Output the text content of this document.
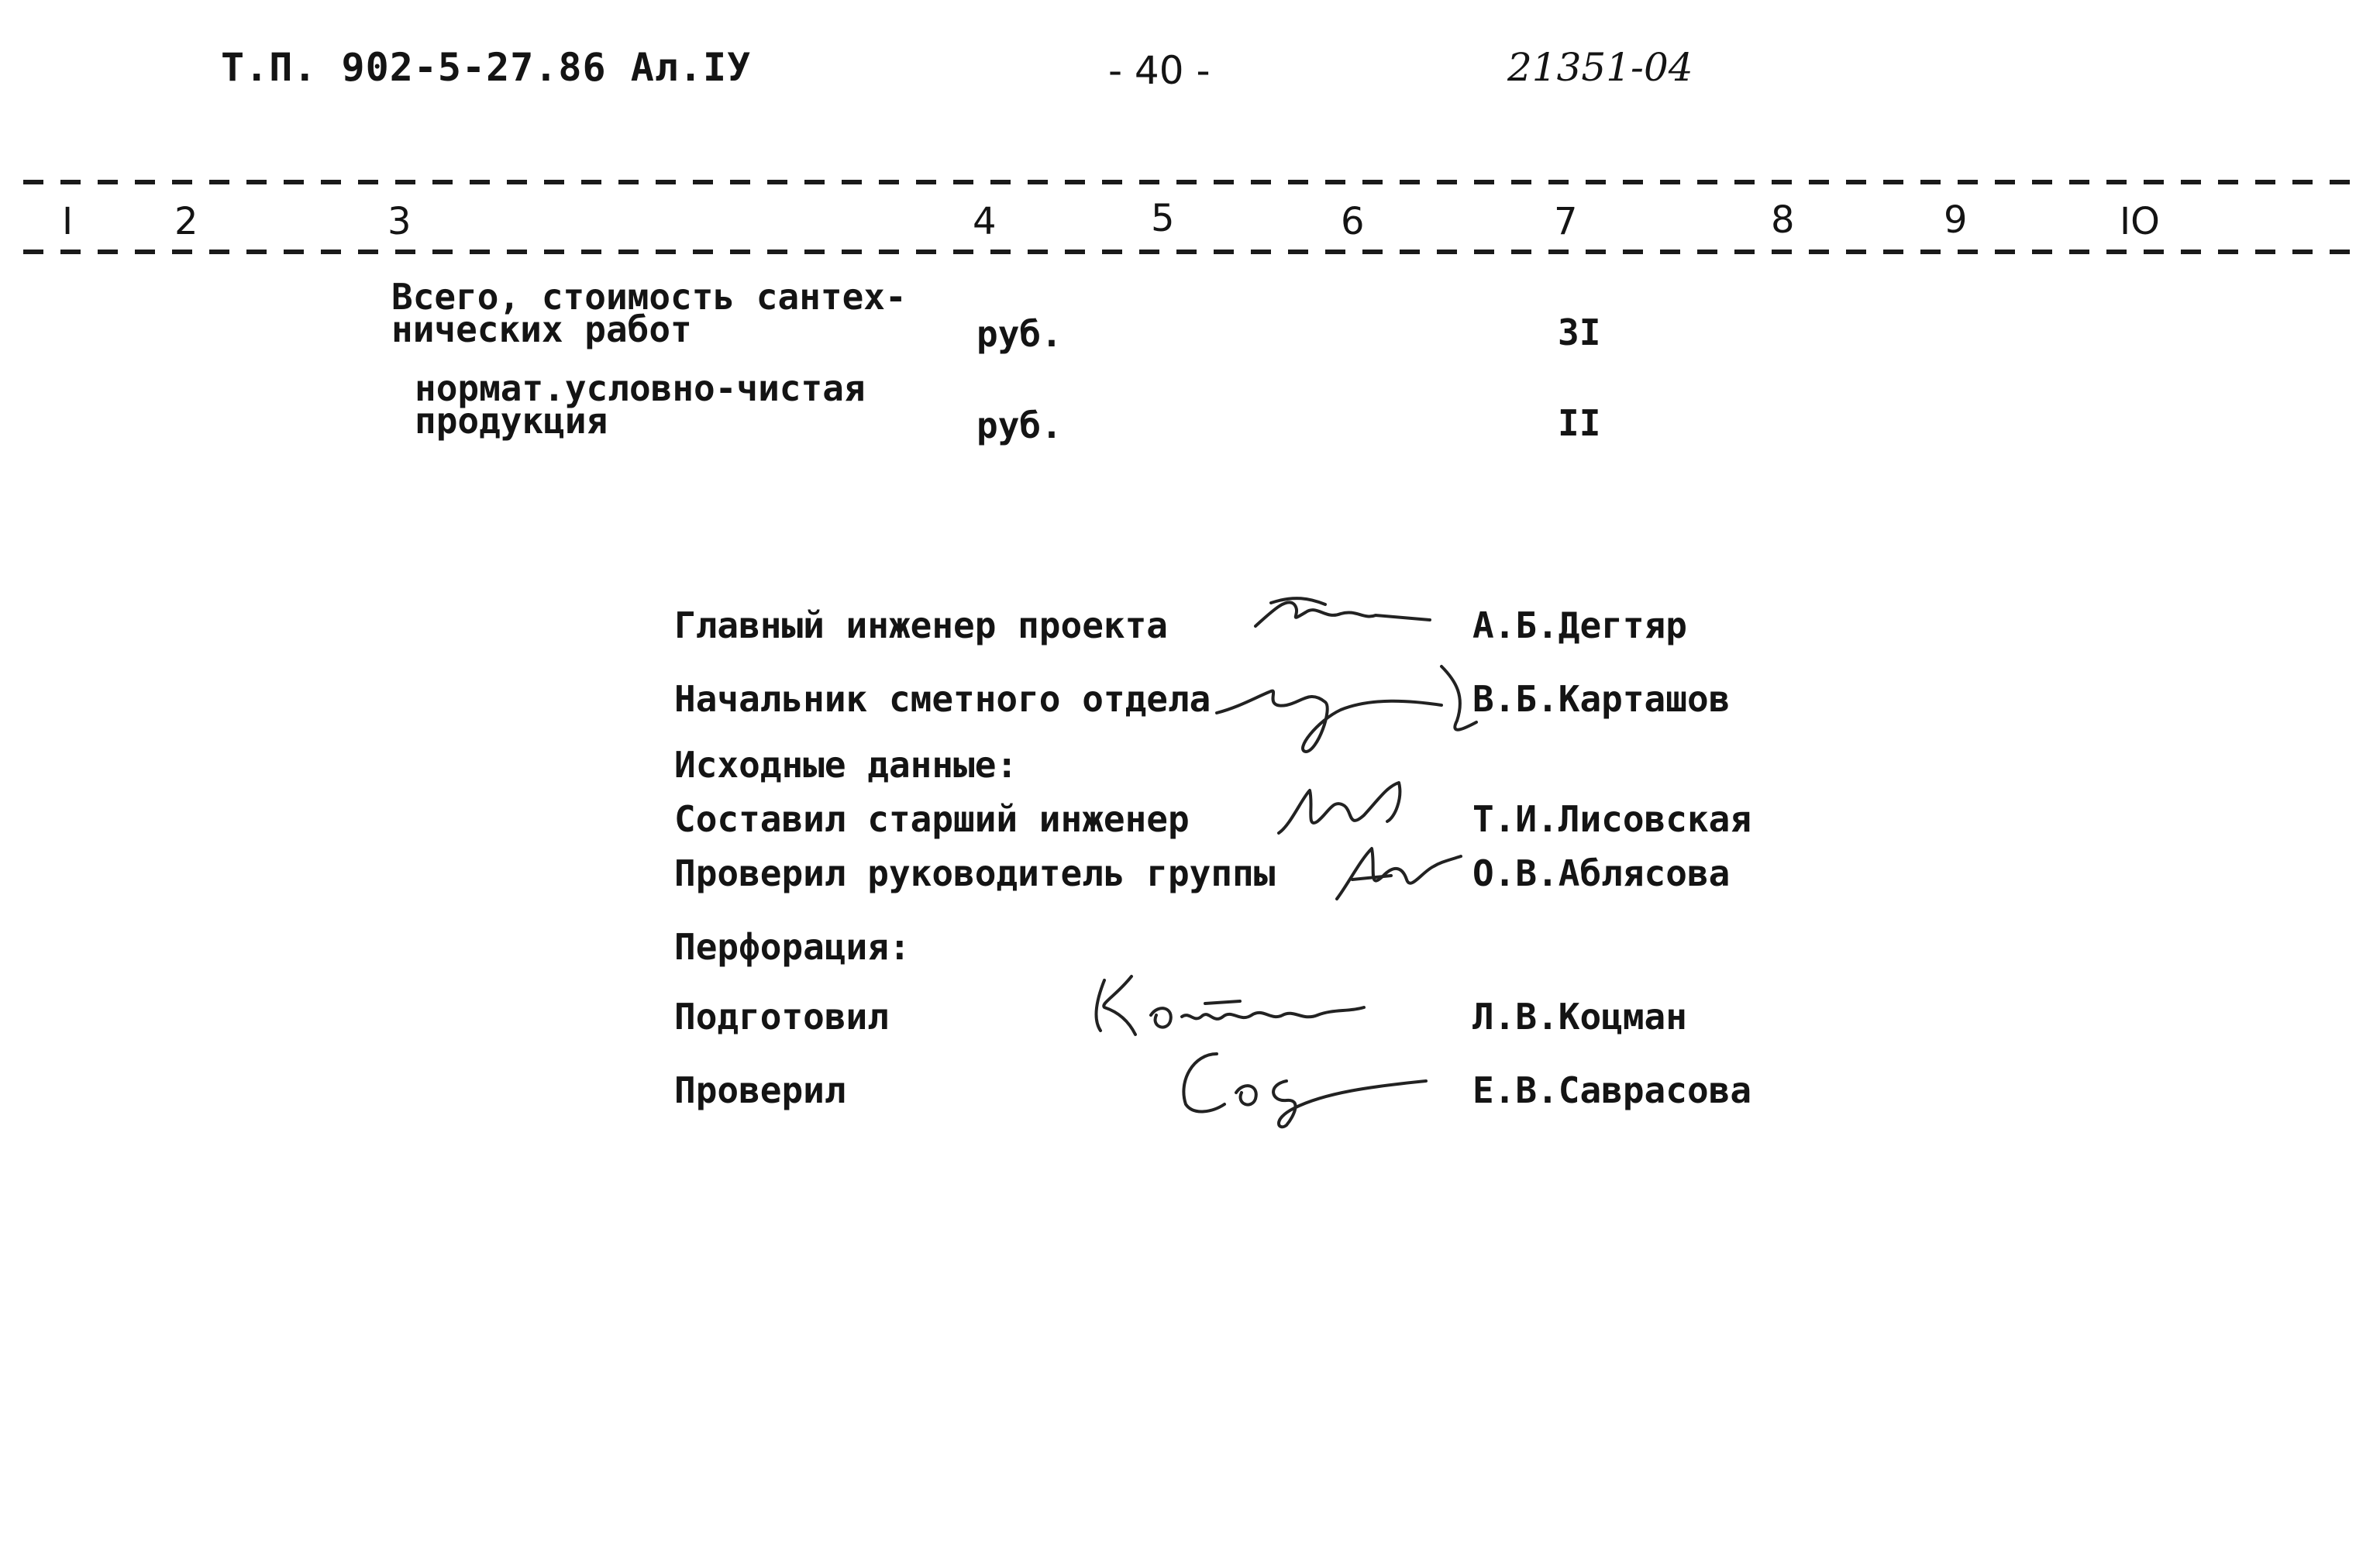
Т.П. 902-5-27.86 Ал.IУ	- 40 -	21351-04
I	2	3	4	5	6	7	8	9	IO
Всего, стоимость сантех-
нических работ	руб.	3I
нормат.условно-чистая
продукция	руб.	II
Главный инженер проекта	А.Б.Дегтяр
Начальник сметного отдела	В.Б.Карташов
Исходные данные:
Составил старший инженер	Т.И.Лисовская
Проверил руководитель группы	О.В.Аблясова
Перфорация:
Подготовил	Л.В.Коцман
Проверил	Е.В.Саврасова
